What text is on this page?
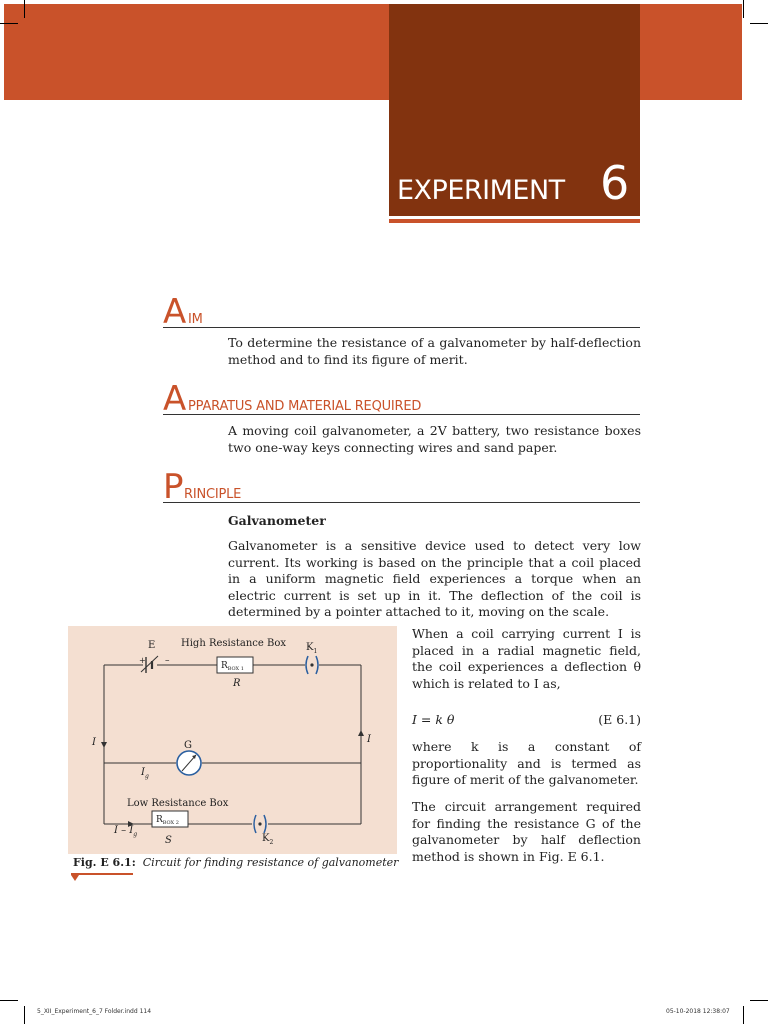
EXPERIMENT 6
A IM
To determine the resistance of a galvanometer by half-deflection method and to find its figure of merit.
A PPARATUS AND MATERIAL REQUIRED
A moving coil galvanometer, a 2V battery, two resistance boxes two one-way keys connecting wires and sand paper.
P RINCIPLE
Galvanometer
Galvanometer is a sensitive device used to detect very low current. Its working is based on the principle that a coil placed in a uniform magnetic field experiences a torque when an electric current is set up in it. The deflection of the coil is determined by a pointer attached to it, moving on the scale.
E	High Resistance Box $K_1$
+ –	$R_{BOX 1}$
R
I	I
G
$I_g$
Low Resistance Box
I – $I_g$
$R_{BOX 2}$
S	$K_2$
Fig. E 6.1: Circuit for finding resistance of galvanometer
When a coil carrying current I is placed in a radial magnetic field, the coil experiences a deflection θ which is related to I as,
I = k θ	(E 6.1)
where k is a constant of proportionality and is termed as figure of merit of the galvanometer.
The circuit arrangement required for finding the resistance G of the galvanometer by half deflection method is shown in Fig. E 6.1.
5_XII_Experiment_6_7 Folder.indd 114	05-10-2018 12:38:07
